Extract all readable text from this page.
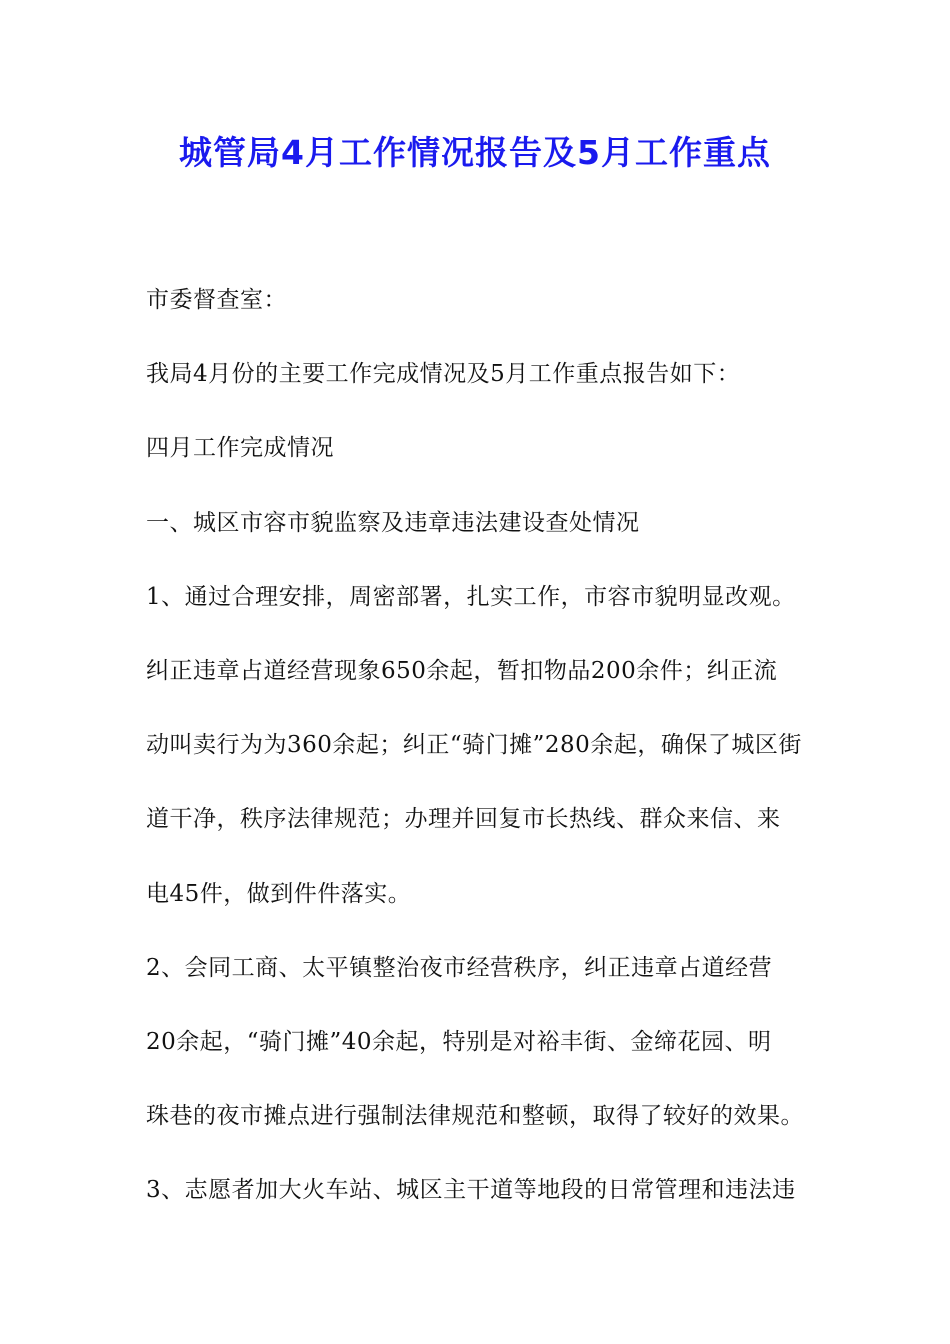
城管局4月工作情况报告及5月工作重点
市委督查室：
我局4月份的主要工作完成情况及5月工作重点报告如下：
四月工作完成情况
一、城区市容市貌监察及违章违法建设查处情况
1、通过合理安排，周密部署，扎实工作，市容市貌明显改观。
纠正违章占道经营现象650余起，暂扣物品200余件；纠正流
动叫卖行为为360余起；纠正“骑门摊”280余起，确保了城区街
道干净，秩序法律规范；办理并回复市长热线、群众来信、来
电45件，做到件件落实。
2、会同工商、太平镇整治夜市经营秩序，纠正违章占道经营
20余起，“骑门摊”40余起，特别是对裕丰街、金缔花园、明
珠巷的夜市摊点进行强制法律规范和整顿，取得了较好的效果。
3、志愿者加大火车站、城区主干道等地段的日常管理和违法违
